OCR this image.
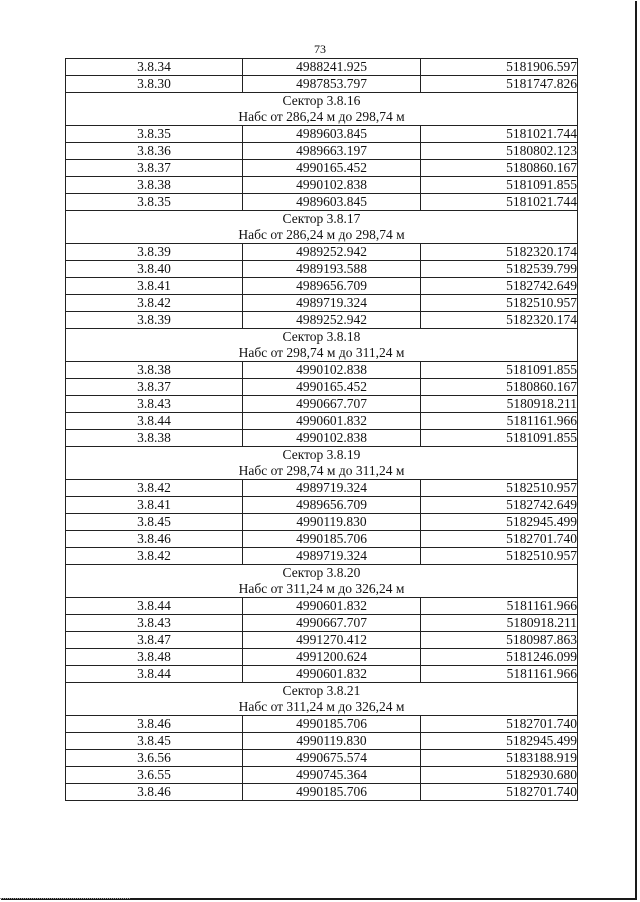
73
3.8.34	4988241.925	5181906.597
3.8.30	4987853.797	5181747.826

Сектор 3.8.16
Набс от 286,24 м до 298,74 м		

3.8.35	4989603.845	5181021.744
3.8.36	4989663.197	5180802.123
3.8.37	4990165.452	5180860.167
3.8.38	4990102.838	5181091.855
3.8.35	4989603.845	5181021.744

Сектор 3.8.17
Набс от 286,24 м до 298,74 м		

3.8.39	4989252.942	5182320.174
3.8.40	4989193.588	5182539.799
3.8.41	4989656.709	5182742.649
3.8.42	4989719.324	5182510.957
3.8.39	4989252.942	5182320.174

Сектор 3.8.18
Набс от 298,74 м до 311,24 м		

3.8.38	4990102.838	5181091.855
3.8.37	4990165.452	5180860.167
3.8.43	4990667.707	5180918.211
3.8.44	4990601.832	5181161.966
3.8.38	4990102.838	5181091.855

Сектор 3.8.19
Набс от 298,74 м до 311,24 м		

3.8.42	4989719.324	5182510.957
3.8.41	4989656.709	5182742.649
3.8.45	4990119.830	5182945.499
3.8.46	4990185.706	5182701.740
3.8.42	4989719.324	5182510.957

Сектор 3.8.20
Набс от 311,24 м до 326,24 м		

3.8.44	4990601.832	5181161.966
3.8.43	4990667.707	5180918.211
3.8.47	4991270.412	5180987.863
3.8.48	4991200.624	5181246.099
3.8.44	4990601.832	5181161.966

Сектор 3.8.21
Набс от 311,24 м до 326,24 м		

3.8.46	4990185.706	5182701.740
3.8.45	4990119.830	5182945.499
3.6.56	4990675.574	5183188.919
3.6.55	4990745.364	5182930.680
3.8.46	4990185.706	5182701.740
